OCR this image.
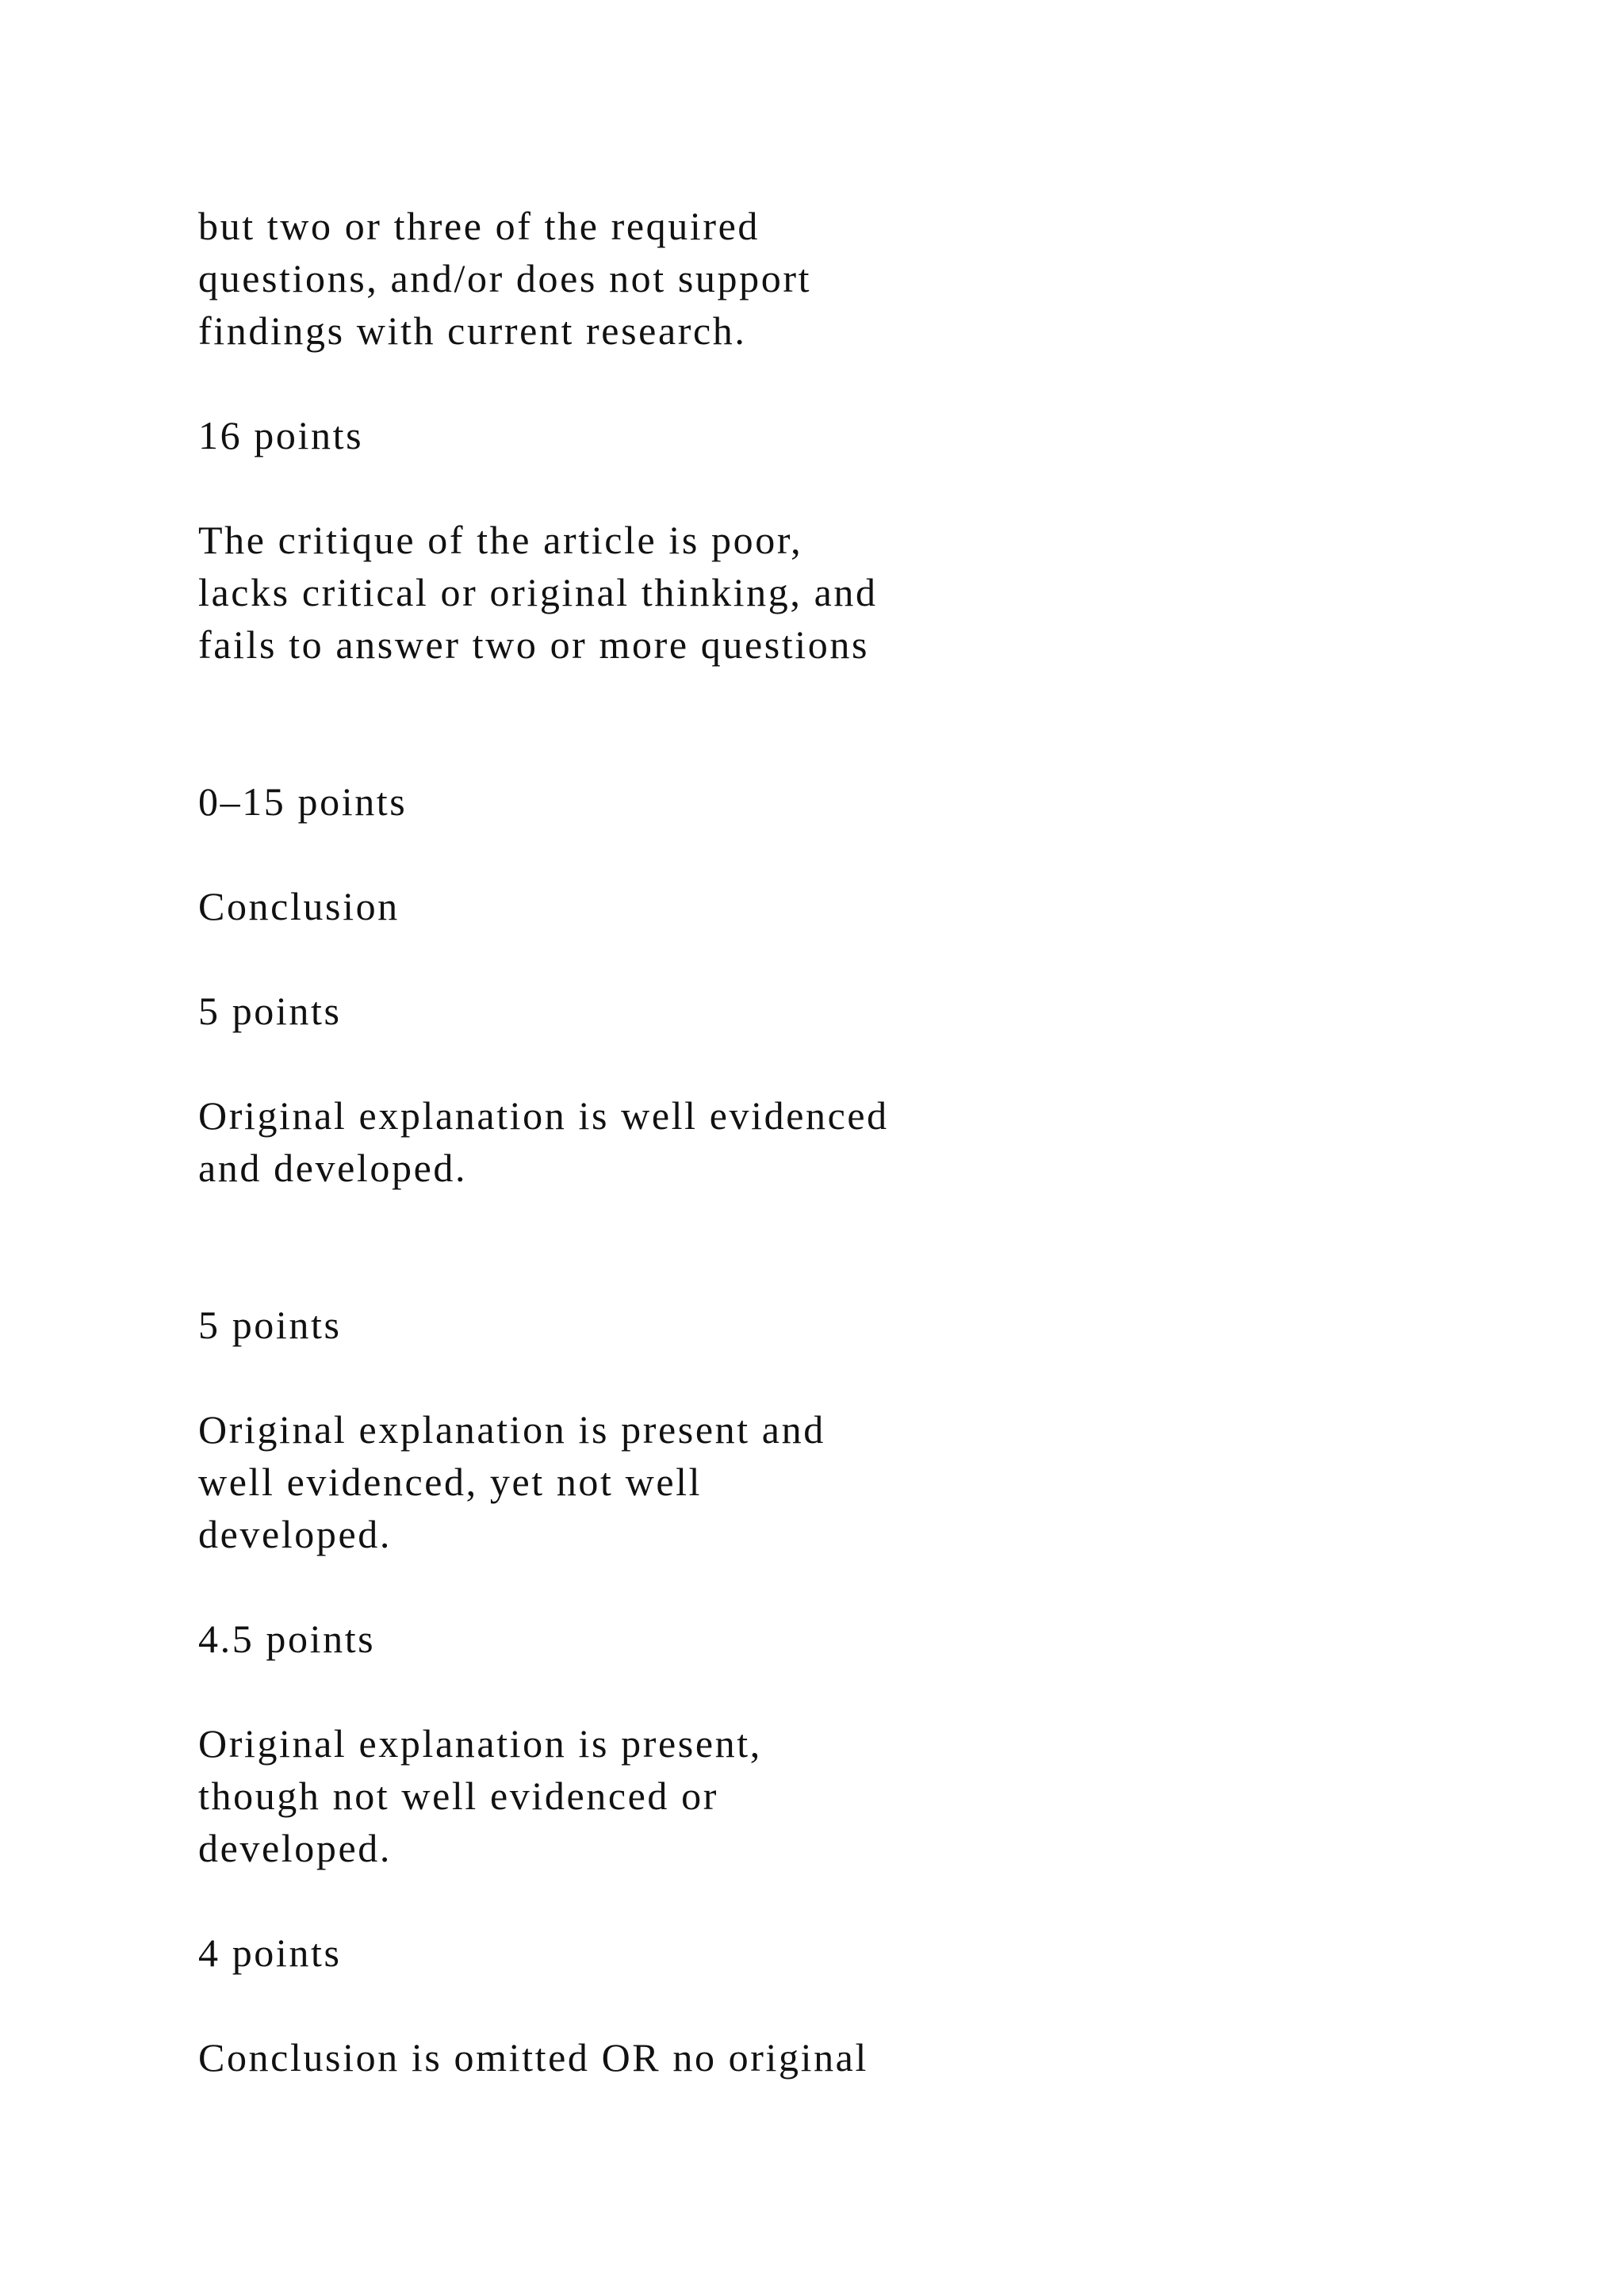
but two or three of the required

questions, and/or does not support

findings with current research.

16 points

The critique of the article is poor,

lacks critical or original thinking, and

fails to answer two or more questions

0–15 points

Conclusion

5 points

Original explanation is well evidenced

and developed.

5 points

Original explanation is present and

well evidenced, yet not well

developed.

4.5 points

Original explanation is present,

though not well evidenced or

developed.

4 points

Conclusion is omitted OR no original
